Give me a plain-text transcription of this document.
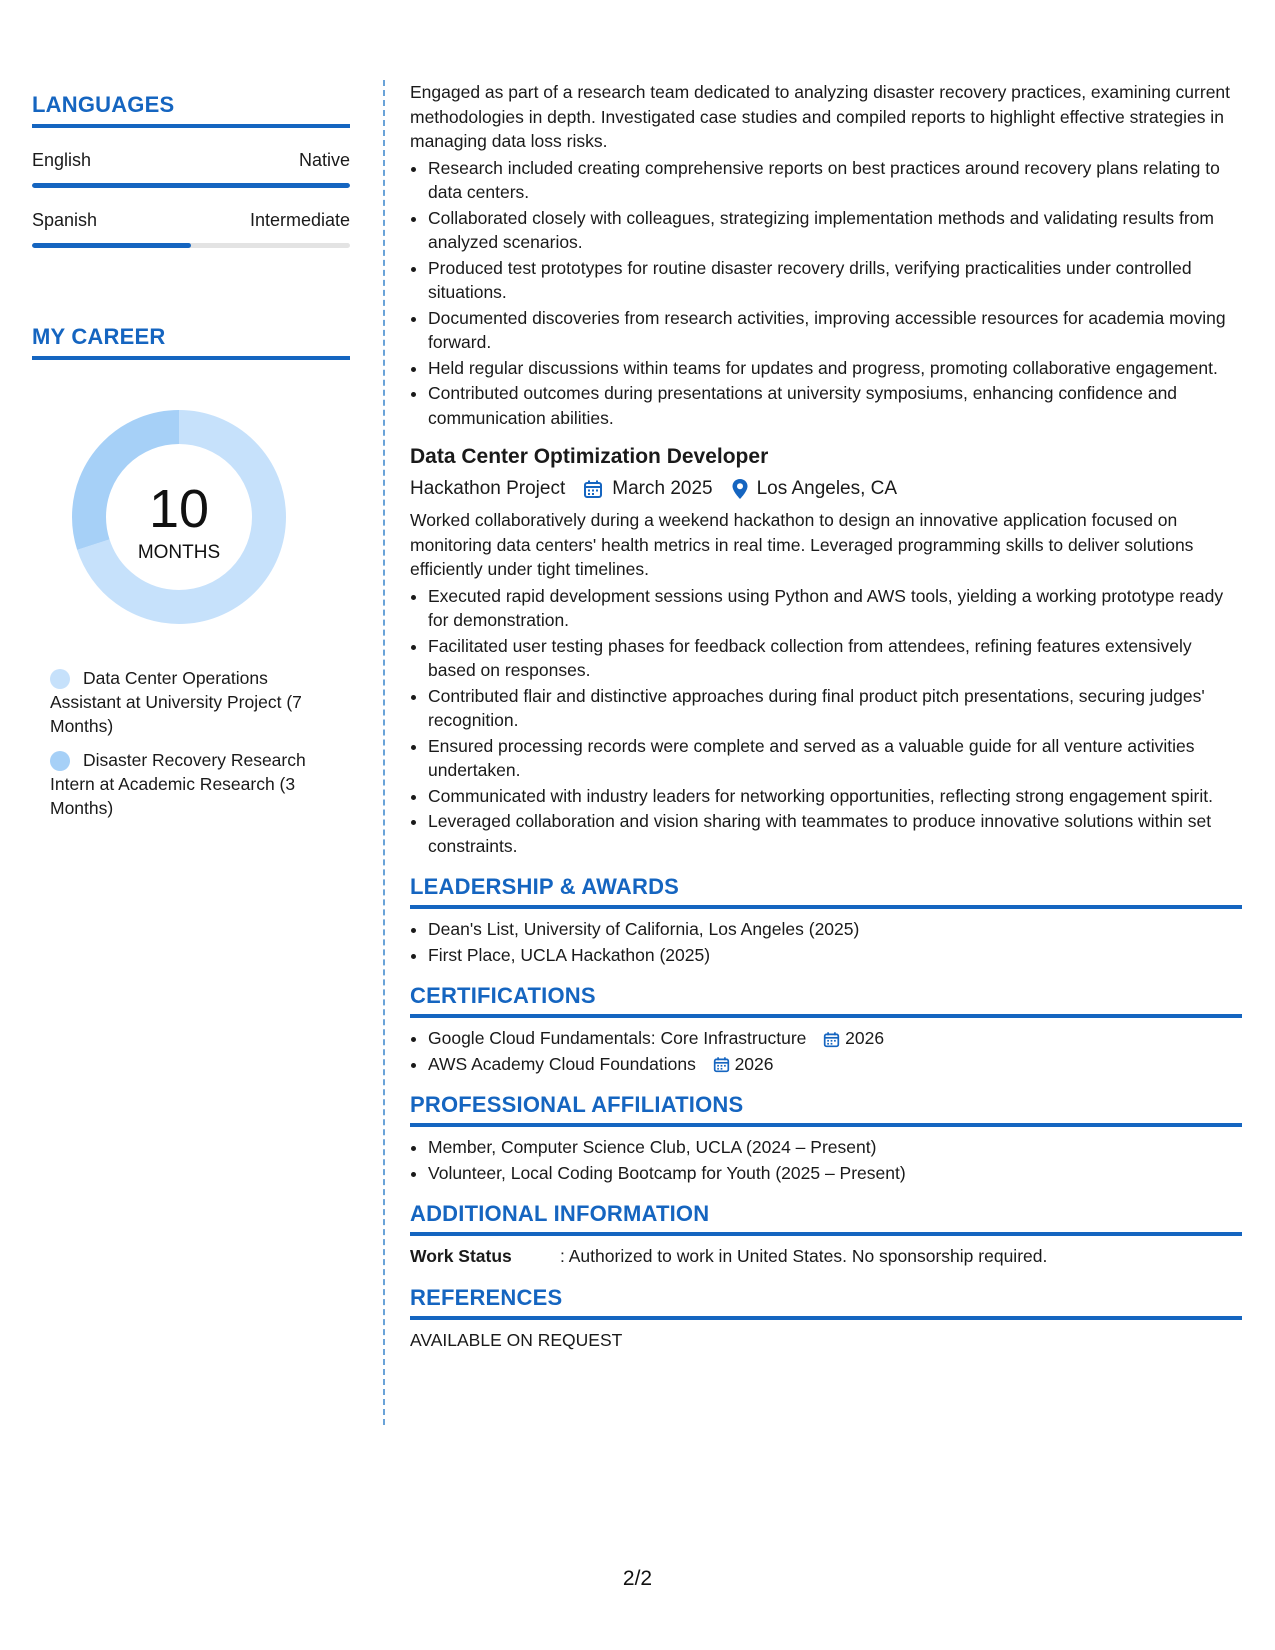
LANGUAGES
English	Native
Spanish	Intermediate
MY CAREER
10
MONTHS
Data Center Operations Assistant at University Project (7 Months)
Disaster Recovery Research Intern at Academic Research (3 Months)

Engaged as part of a research team dedicated to analyzing disaster recovery practices, examining current methodologies in depth. Investigated case studies and compiled reports to highlight effective strategies in managing data loss risks.

• Research included creating comprehensive reports on best practices around recovery plans relating to data centers.
• Collaborated closely with colleagues, strategizing implementation methods and validating results from analyzed scenarios.
• Produced test prototypes for routine disaster recovery drills, verifying practicalities under controlled situations.
• Documented discoveries from research activities, improving accessible resources for academia moving forward.
• Held regular discussions within teams for updates and progress, promoting collaborative engagement.
• Contributed outcomes during presentations at university symposiums, enhancing confidence and communication abilities.
Data Center Optimization Developer
Hackathon Project March 2025 Los Angeles, CA

Worked collaboratively during a weekend hackathon to design an innovative application focused on monitoring data centers' health metrics in real time. Leveraged programming skills to deliver solutions efficiently under tight timelines.

• Executed rapid development sessions using Python and AWS tools, yielding a working prototype ready for demonstration.
• Facilitated user testing phases for feedback collection from attendees, refining features extensively based on responses.
• Contributed flair and distinctive approaches during final product pitch presentations, securing judges' recognition.
• Ensured processing records were complete and served as a valuable guide for all venture activities undertaken.
• Communicated with industry leaders for networking opportunities, reflecting strong engagement spirit.
• Leveraged collaboration and vision sharing with teammates to produce innovative solutions within set constraints.
LEADERSHIP & AWARDS
• Dean's List, University of California, Los Angeles (2025)
• First Place, UCLA Hackathon (2025)
CERTIFICATIONS
• Google Cloud Fundamentals: Core Infrastructure 2026
• AWS Academy Cloud Foundations 2026
PROFESSIONAL AFFILIATIONS
• Member, Computer Science Club, UCLA (2024 – Present)
• Volunteer, Local Coding Bootcamp for Youth (2025 – Present)
ADDITIONAL INFORMATION
Work Status	: Authorized to work in United States. No sponsorship required.
REFERENCES

AVAILABLE ON REQUEST

2/2
